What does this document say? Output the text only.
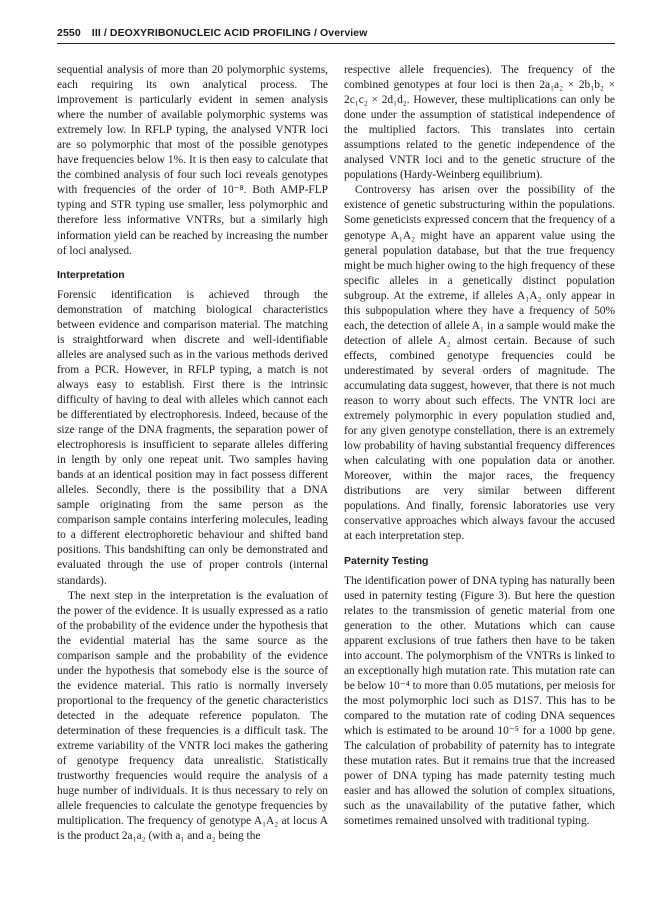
2550 III / DEOXYRIBONUCLEIC ACID PROFILING / Overview

sequential analysis of more than 20 polymorphic systems, each requiring its own analytical process. The improvement is particularly evident in semen analysis where the number of available polymorphic systems was extremely low. In RFLP typing, the analysed VNTR loci are so polymorphic that most of the possible genotypes have frequencies below 1%. It is then easy to calculate that the combined analysis of four such loci reveals genotypes with frequencies of the order of 10⁻⁸. Both AMP-FLP typing and STR typing use smaller, less polymorphic and therefore less informative VNTRs, but a similarly high information yield can be reached by increasing the number of loci analysed.

Interpretation

Forensic identification is achieved through the demonstration of matching biological characteristics between evidence and comparison material. The matching is straightforward when discrete and well-identifiable alleles are analysed such as in the various methods derived from a PCR. However, in RFLP typing, a match is not always easy to establish. First there is the intrinsic difficulty of having to deal with alleles which cannot each be differentiated by electrophoresis. Indeed, because of the size range of the DNA fragments, the separation power of electrophoresis is insufficient to separate alleles differing in length by only one repeat unit. Two samples having bands at an identical position may in fact possess different alleles. Secondly, there is the possibility that a DNA sample originating from the same person as the comparison sample contains interfering molecules, leading to a different electrophoretic behaviour and shifted band positions. This bandshifting can only be demonstrated and evaluated through the use of proper controls (internal standards).

The next step in the interpretation is the evaluation of the power of the evidence. It is usually expressed as a ratio of the probability of the evidence under the hypothesis that the evidential material has the same source as the comparison sample and the probability of the evidence under the hypothesis that somebody else is the source of the evidence material. This ratio is normally inversely proportional to the frequency of the genetic characteristics detected in the adequate reference populaton. The determination of these frequencies is a difficult task. The extreme variability of the VNTR loci makes the gathering of genotype frequency data unrealistic. Statistically trustworthy frequencies would require the analysis of a huge number of individuals. It is thus necessary to rely on allele frequencies to calculate the genotype frequencies by multiplication. The frequency of genotype A₁A₂ at locus A is the product 2a₁a₂ (with a₁ and a₂ being the

respective allele frequencies). The frequency of the combined genotypes at four loci is then 2a₁a₂ × 2b₁b₂ × 2c₁c₂ × 2d₁d₂. However, these multiplications can only be done under the assumption of statistical independence of the multiplied factors. This translates into certain assumptions related to the genetic independence of the analysed VNTR loci and to the genetic structure of the populations (Hardy-Weinberg equilibrium).

Controversy has arisen over the possibility of the existence of genetic substructuring within the populations. Some geneticists expressed concern that the frequency of a genotype A₁A₂ might have an apparent value using the general population database, but that the true frequency might be much higher owing to the high frequency of these specific alleles in a genetically distinct population subgroup. At the extreme, if alleles A₁A₂ only appear in this subpopulation where they have a frequency of 50% each, the detection of allele A₁ in a sample would make the detection of allele A₂ almost certain. Because of such effects, combined genotype frequencies could be underestimated by several orders of magnitude. The accumulating data suggest, however, that there is not much reason to worry about such effects. The VNTR loci are extremely polymorphic in every population studied and, for any given genotype constellation, there is an extremely low probability of having substantial frequency differences when calculating with one population data or another. Moreover, within the major races, the frequency distributions are very similar between different populations. And finally, forensic laboratories use very conservative approaches which always favour the accused at each interpretation step.

Paternity Testing

The identification power of DNA typing has naturally been used in paternity testing (Figure 3). But here the question relates to the transmission of genetic material from one generation to the other. Mutations which can cause apparent exclusions of true fathers then have to be taken into account. The polymorphism of the VNTRs is linked to an exceptionally high mutation rate. This mutation rate can be below 10⁻⁴ to more than 0.05 mutations, per meiosis for the most polymorphic loci such as D1S7. This has to be compared to the mutation rate of coding DNA sequences which is estimated to be around 10⁻⁵ for a 1000 bp gene. The calculation of probability of paternity has to integrate these mutation rates. But it remains true that the increased power of DNA typing has made paternity testing much easier and has allowed the solution of complex situations, such as the unavailability of the putative father, which sometimes remained unsolved with traditional typing.
